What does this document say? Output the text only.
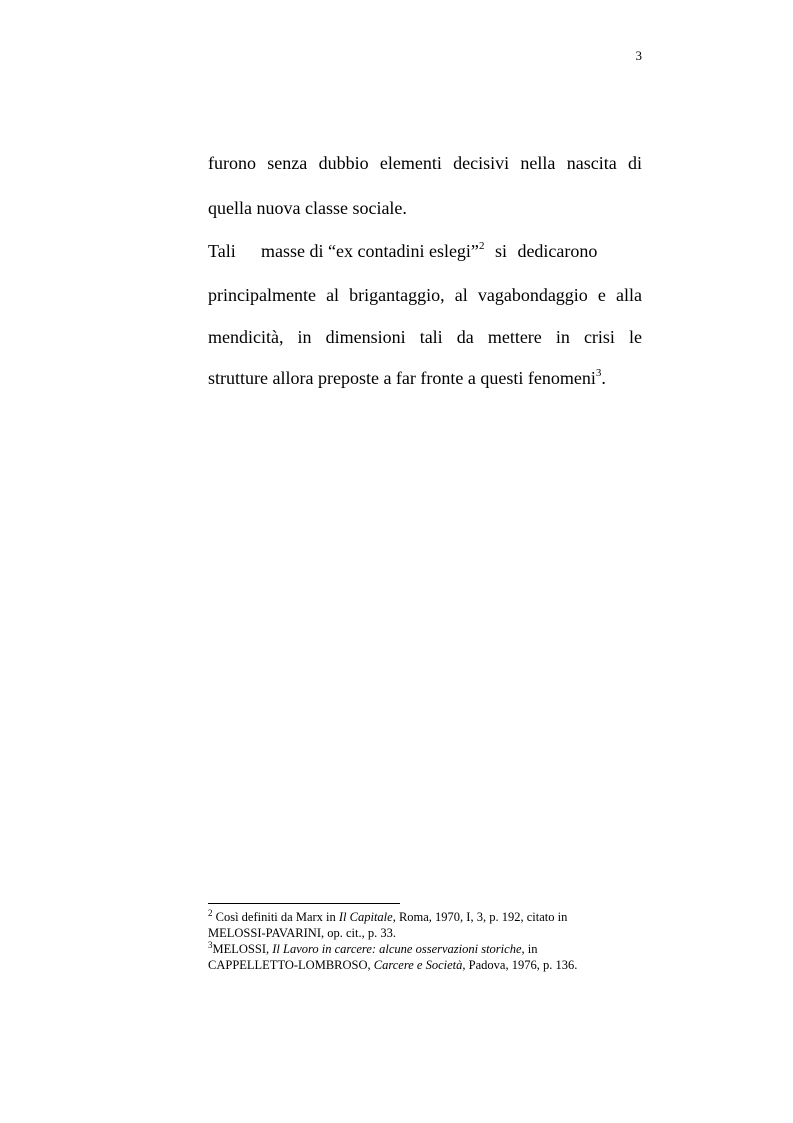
3
furono senza dubbio elementi decisivi nella nascita di
quella nuova classe sociale.
Tali masse di “ex contadini eslegi”$^2$ si dedicarono
principalmente al brigantaggio, al vagabondaggio e alla
mendicità, in dimensioni tali da mettere in crisi le
strutture allora preposte a far fronte a questi fenomeni$^3$.
$^2$ Così definiti da Marx in Il Capitale, Roma, 1970, I, 3, p. 192, citato in
MELOSSI-PAVARINI, op. cit., p. 33.
$^3$MELOSSI, Il Lavoro in carcere: alcune osservazioni storiche, in
CAPPELLETTO-LOMBROSO, Carcere e Società, Padova, 1976, p. 136.
